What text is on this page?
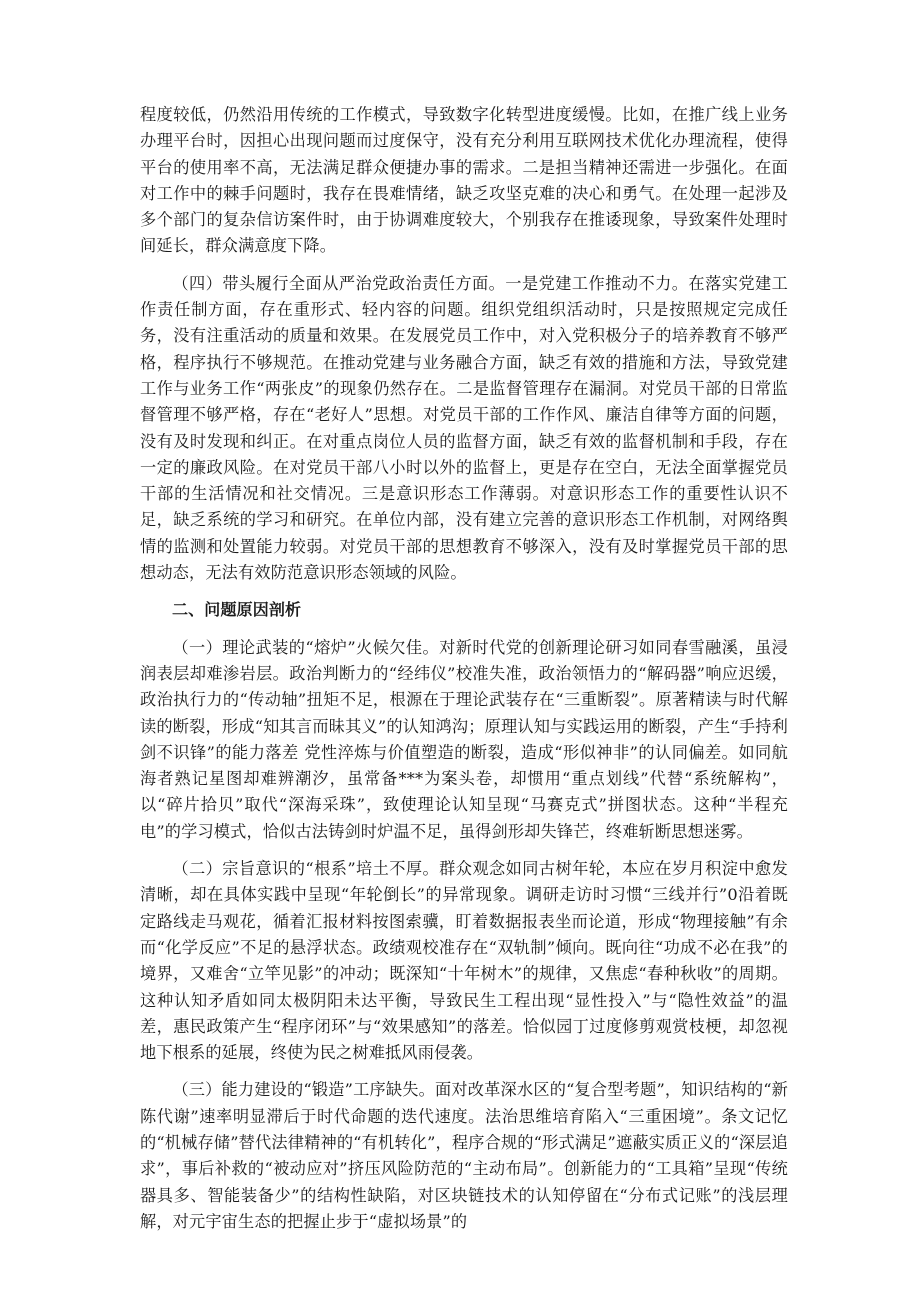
程度较低，仍然沿用传统的工作模式，导致数字化转型进度缓慢。比如，在推广线上业务办理平台时，因担心出现问题而过度保守，没有充分利用互联网技术优化办理流程，使得平台的使用率不高，无法满足群众便捷办事的需求。二是担当精神还需进一步强化。在面对工作中的棘手问题时，我存在畏难情绪，缺乏攻坚克难的决心和勇气。在处理一起涉及多个部门的复杂信访案件时，由于协调难度较大，个别我存在推诿现象，导致案件处理时间延长，群众满意度下降。

（四）带头履行全面从严治党政治责任方面。一是党建工作推动不力。在落实党建工作责任制方面，存在重形式、轻内容的问题。组织党组织活动时，只是按照规定完成任务，没有注重活动的质量和效果。在发展党员工作中，对入党积极分子的培养教育不够严格，程序执行不够规范。在推动党建与业务融合方面，缺乏有效的措施和方法，导致党建工作与业务工作“两张皮”的现象仍然存在。二是监督管理存在漏洞。对党员干部的日常监督管理不够严格，存在“老好人”思想。对党员干部的工作作风、廉洁自律等方面的问题，没有及时发现和纠正。在对重点岗位人员的监督方面，缺乏有效的监督机制和手段，存在一定的廉政风险。在对党员干部八小时以外的监督上，更是存在空白，无法全面掌握党员干部的生活情况和社交情况。三是意识形态工作薄弱。对意识形态工作的重要性认识不足，缺乏系统的学习和研究。在单位内部，没有建立完善的意识形态工作机制，对网络舆情的监测和处置能力较弱。对党员干部的思想教育不够深入，没有及时掌握党员干部的思想动态，无法有效防范意识形态领域的风险。

二、问题原因剖析

（一）理论武装的“熔炉”火候欠佳。对新时代党的创新理论研习如同春雪融溪，虽浸润表层却难渗岩层。政治判断力的“经纬仪”校准失准，政治领悟力的“解码器”响应迟缓，政治执行力的“传动轴”扭矩不足，根源在于理论武装存在“三重断裂”。原著精读与时代解读的断裂，形成“知其言而昧其义”的认知鸿沟；原理认知与实践运用的断裂，产生“手持利剑不识锋”的能力落差 党性淬炼与价值塑造的断裂，造成“形似神非”的认同偏差。如同航海者熟记星图却难辨潮汐，虽常备***为案头卷，却惯用“重点划线”代替“系统解构”，以“碎片拾贝”取代“深海采珠”，致使理论认知呈现“马赛克式”拼图状态。这种“半程充电”的学习模式，恰似古法铸剑时炉温不足，虽得剑形却失锋芒，终难斩断思想迷雾。

（二）宗旨意识的“根系”培土不厚。群众观念如同古树年轮，本应在岁月积淀中愈发清晰，却在具体实践中呈现“年轮倒长”的异常现象。调研走访时习惯“三线并行”0沿着既定路线走马观花，循着汇报材料按图索骥，盯着数据报表坐而论道，形成“物理接触”有余而“化学反应”不足的悬浮状态。政绩观校准存在“双轨制”倾向。既向往“功成不必在我”的境界，又难舍“立竿见影”的冲动；既深知“十年树木”的规律，又焦虑“春种秋收”的周期。这种认知矛盾如同太极阴阳未达平衡，导致民生工程出现“显性投入”与“隐性效益”的温差，惠民政策产生“程序闭环”与“效果感知”的落差。恰似园丁过度修剪观赏枝梗，却忽视地下根系的延展，终使为民之树难抵风雨侵袭。

（三）能力建设的“锻造”工序缺失。面对改革深水区的“复合型考题”，知识结构的“新陈代谢”速率明显滞后于时代命题的迭代速度。法治思维培育陷入“三重困境”。条文记忆的“机械存储”替代法律精神的“有机转化”，程序合规的“形式满足”遮蔽实质正义的“深层追求”，事后补救的“被动应对”挤压风险防范的“主动布局”。创新能力的“工具箱”呈现“传统器具多、智能装备少”的结构性缺陷，对区块链技术的认知停留在“分布式记账”的浅层理解，对元宇宙生态的把握止步于“虚拟场景”的
